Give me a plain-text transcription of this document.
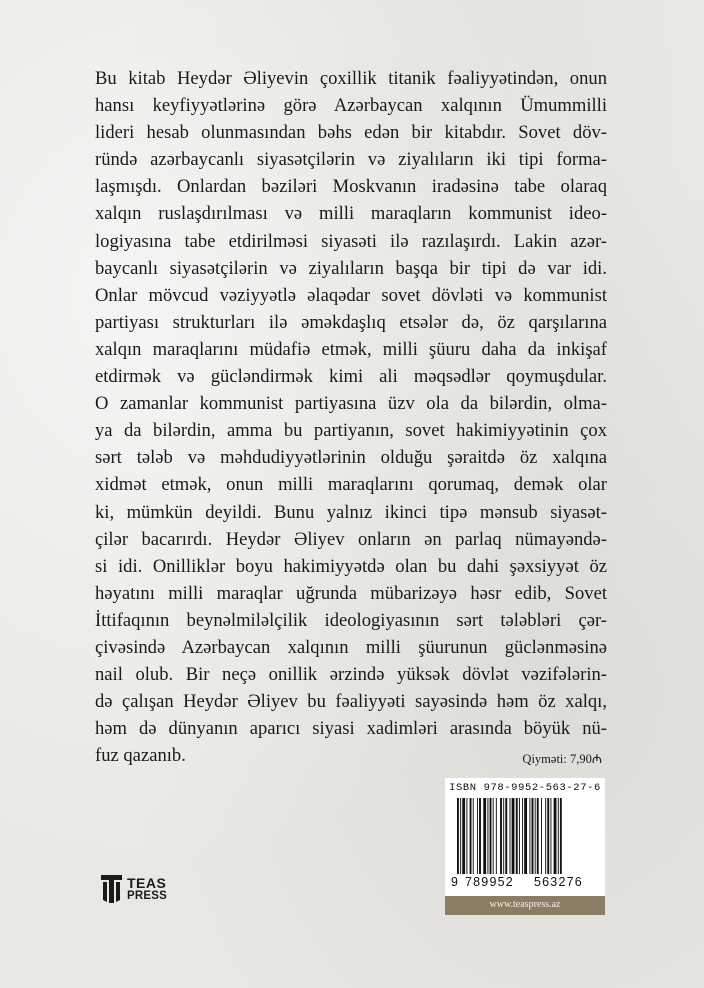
Bu kitab Heydər Əliyevin çoxillik titanik fəaliyyətindən, onun
hansı keyfiyyətlərinə görə Azərbaycan xalqının Ümummilli
lideri hesab olunmasından bəhs edən bir kitabdır. Sovet döv-
ründə azərbaycanlı siyasətçilərin və ziyalıların iki tipi forma-
laşmışdı. Onlardan bəziləri Moskvanın iradəsinə tabe olaraq
xalqın ruslaşdırılması və milli maraqların kommunist ideo-
logiyasına tabe etdirilməsi siyasəti ilə razılaşırdı. Lakin azər-
baycanlı siyasətçilərin və ziyalıların başqa bir tipi də var idi.
Onlar mövcud vəziyyətlə əlaqədar sovet dövləti və kommunist
partiyası strukturları ilə əməkdaşlıq etsələr də, öz qarşılarına
xalqın maraqlarını müdafiə etmək, milli şüuru daha da inkişaf
etdirmək və gücləndirmək kimi ali məqsədlər qoymuşdular.
O zamanlar kommunist partiyasına üzv ola da bilərdin, olma-
ya da bilərdin, amma bu partiyanın, sovet hakimiyyətinin çox
sərt tələb və məhdudiyyətlərinin olduğu şəraitdə öz xalqına
xidmət etmək, onun milli maraqlarını qorumaq, demək olar
ki, mümkün deyildi. Bunu yalnız ikinci tipə mənsub siyasət-
çilər bacarırdı. Heydər Əliyev onların ən parlaq nümayəndə-
si idi. Onilliklər boyu hakimiyyətdə olan bu dahi şəxsiyyət öz
həyatını milli maraqlar uğrunda mübarizəyə həsr edib, Sovet
İttifaqının beynəlmiləlçilik ideologiyasının sərt tələbləri çər-
çivəsində Azərbaycan xalqının milli şüurunun güclənməsinə
nail olub. Bir neçə onillik ərzində yüksək dövlət vəzifələrin-
də çalışan Heydər Əliyev bu fəaliyyəti sayəsində həm öz xalqı,
həm də dünyanın aparıcı siyasi xadimləri arasında böyük nü-
fuz qazanıb.	Qiymәti: 7,90₼
ISBN 978-9952-563-27-6
9 789952 563276
www.teaspress.az
TEAS
PRESS
